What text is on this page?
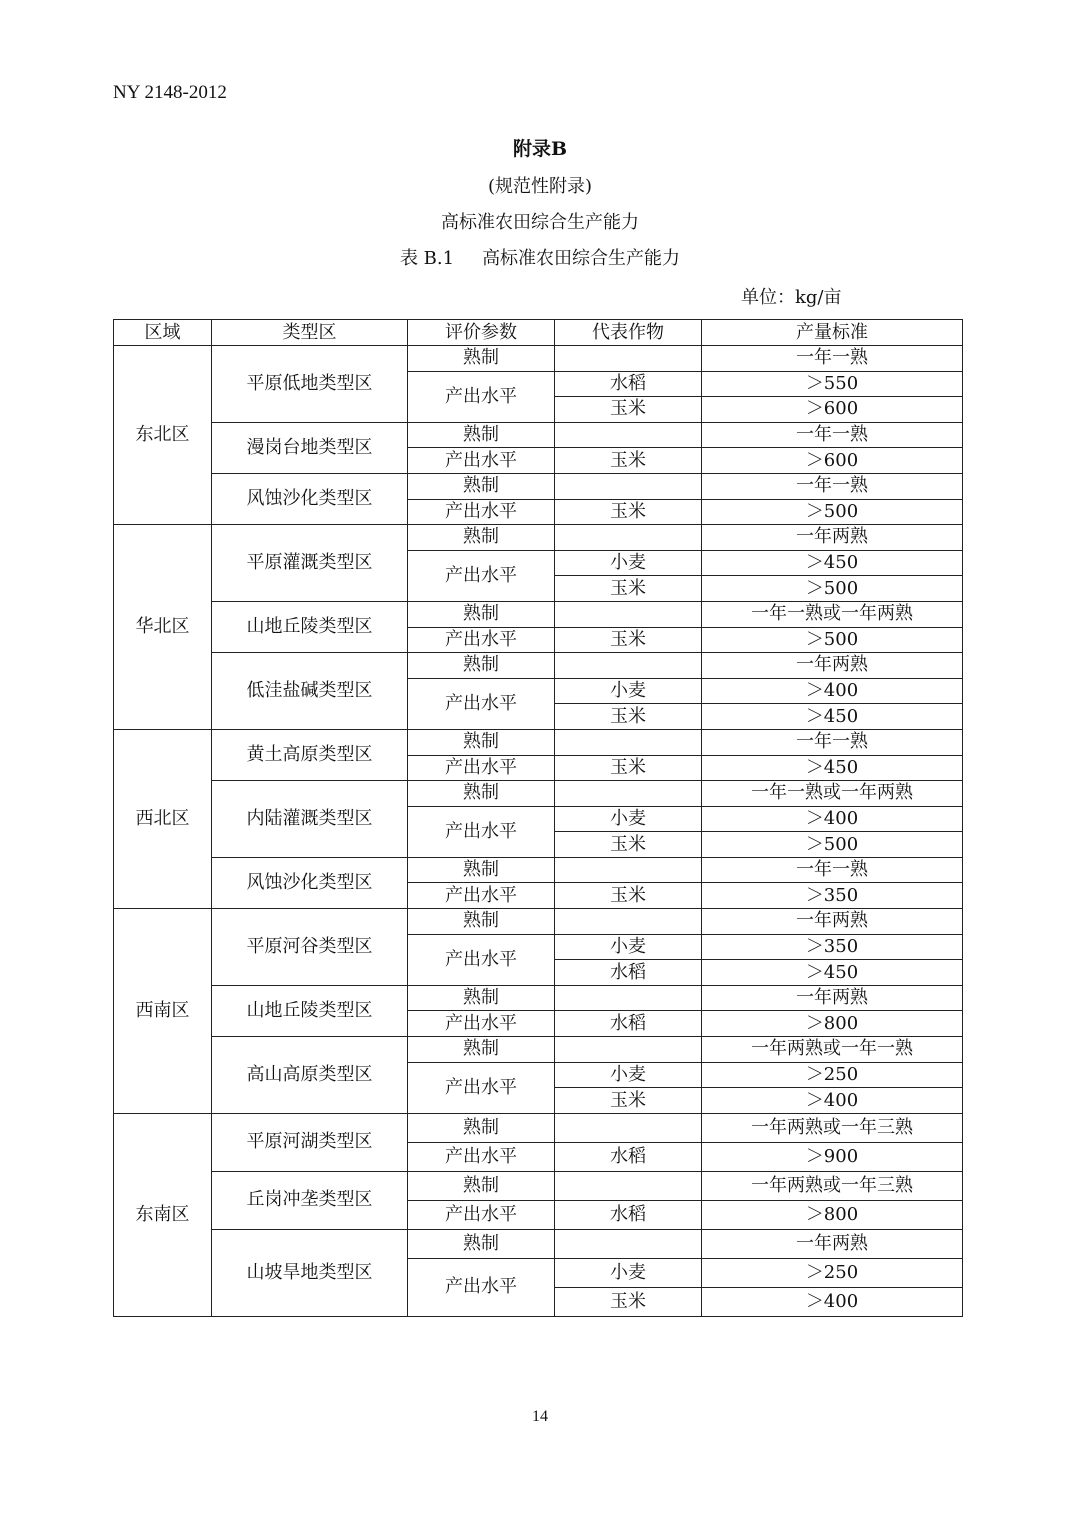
NY 2148-2012
附录B
(规范性附录)
高标准农田综合生产能力
表 B.1 高标准农田综合生产能力
单位：kg/亩
区域	类型区	评价参数	代表作物	产量标准
东北区	平原低地类型区	熟制		一年一熟
		产出水平	水稻	＞550
			玉米	＞600
	漫岗台地类型区	熟制		一年一熟
		产出水平	玉米	＞600
	风蚀沙化类型区	熟制		一年一熟
		产出水平	玉米	＞500
华北区	平原灌溉类型区	熟制		一年两熟
		产出水平	小麦	＞450
			玉米	＞500
	山地丘陵类型区	熟制		一年一熟或一年两熟
		产出水平	玉米	＞500
	低洼盐碱类型区	熟制		一年两熟
		产出水平	小麦	＞400
			玉米	＞450
西北区	黄土高原类型区	熟制		一年一熟
		产出水平	玉米	＞450
	内陆灌溉类型区	熟制		一年一熟或一年两熟
		产出水平	小麦	＞400
			玉米	＞500
	风蚀沙化类型区	熟制		一年一熟
		产出水平	玉米	＞350
西南区	平原河谷类型区	熟制		一年两熟
		产出水平	小麦	＞350
			水稻	＞450
	山地丘陵类型区	熟制		一年两熟
		产出水平	水稻	＞800
	高山高原类型区	熟制		一年两熟或一年一熟
		产出水平	小麦	＞250
			玉米	＞400
东南区	平原河湖类型区	熟制		一年两熟或一年三熟
		产出水平	水稻	＞900
	丘岗冲垄类型区	熟制		一年两熟或一年三熟
		产出水平	水稻	＞800
	山坡旱地类型区	熟制		一年两熟
		产出水平	小麦	＞250
			玉米	＞400
14
